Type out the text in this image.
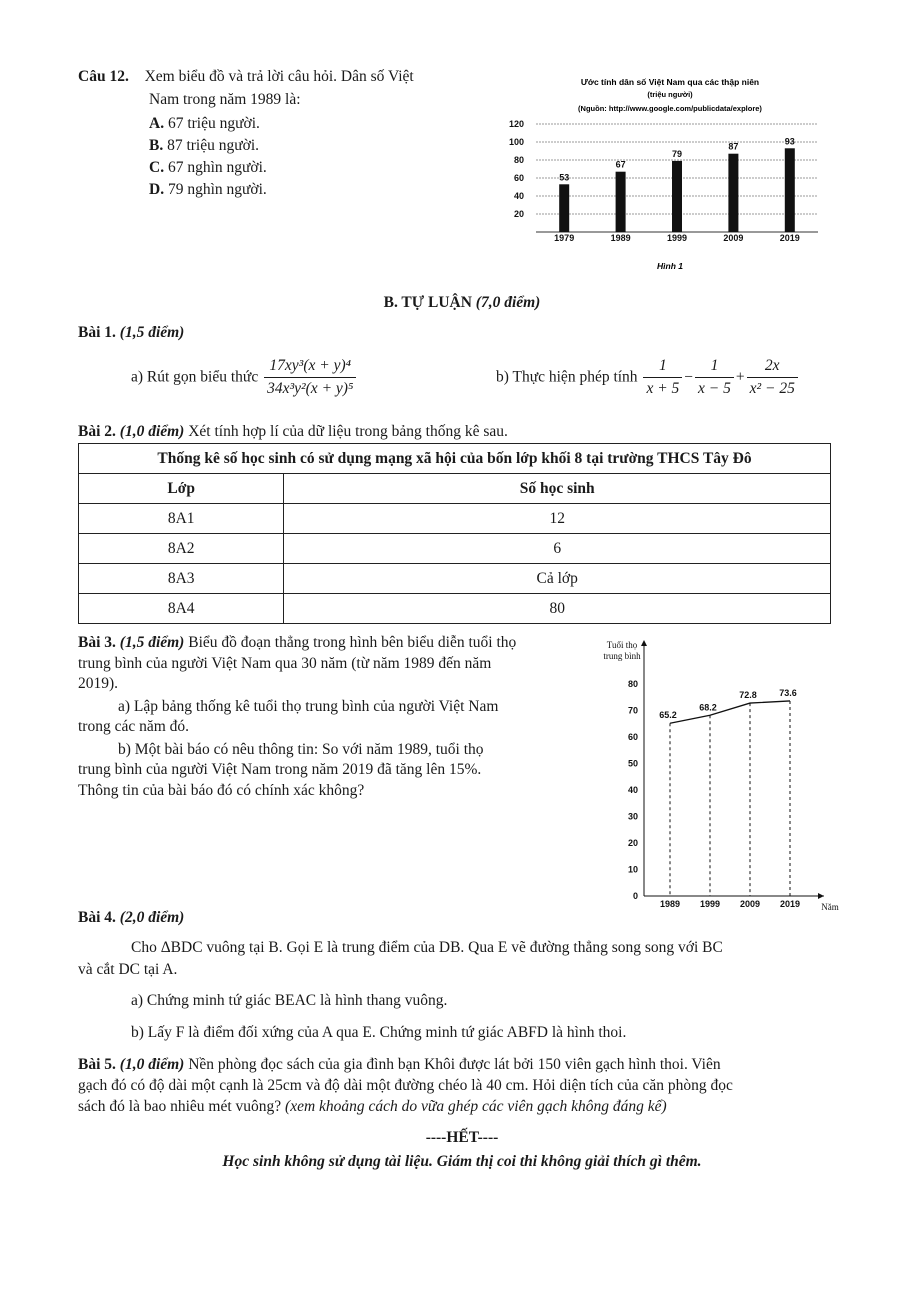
Câu 12. Xem biểu đồ và trả lời câu hỏi. Dân số Việt
Nam trong năm 1989 là:
A. 67 triệu người.
B. 87 triệu người.
C. 67 nghìn người.
D. 79 nghìn người.
Ước tính dân số Việt Nam qua các thập niên
(triệu người)
(Nguồn: http://www.google.com/publicdata/explore)
120
100
80
60
40
20
53
1979
67
1989
79
1999
87
2009
93
2019
Hình 1
B. TỰ LUẬN (7,0 điểm)
Bài 1. (1,5 điểm)
a) Rút gọn biểu thức $\frac{\text{17xy³(x + y)⁴}}{\text{34x³y²(x + y)⁵}}$	b) Thực hiện phép tính $\frac{1}{x + 5} - \frac{1}{x - 5} + \frac{2x}{\text{x² − 25}}$
Bài 2. (1,0 điểm) Xét tính hợp lí của dữ liệu trong bảng thống kê sau.
Thống kê số học sinh có sử dụng mạng xã hội của bốn lớp khối 8 tại trường THCS Tây Đô	
Lớp	Số học sinh
8A1	12
8A2	6
8A3	Cả lớp
8A4	80
Bài 3. (1,5 điểm) Biểu đồ đoạn thẳng trong hình bên biểu diễn tuổi thọ
trung bình của người Việt Nam qua 30 năm (từ năm 1989 đến năm
2019).
a) Lập bảng thống kê tuổi thọ trung bình của người Việt Nam
trong các năm đó.
b) Một bài báo có nêu thông tin: So với năm 1989, tuổi thọ
trung bình của người Việt Nam trong năm 2019 đã tăng lên 15%.
Thông tin của bài báo đó có chính xác không?
Tuổi thọ
trung bình
Năm
0
10
20
30
40
50
60
70
80
1989
65.2
1999
68.2
2009
72.8
2019
73.6
Bài 4. (2,0 điểm)
Cho ΔBDC vuông tại B. Gọi E là trung điểm của DB. Qua E vẽ đường thẳng song song với BC
và cắt DC tại A.
a) Chứng minh tứ giác BEAC là hình thang vuông.
b) Lấy F là điểm đối xứng của A qua E. Chứng minh tứ giác ABFD là hình thoi.
Bài 5. (1,0 điểm) Nền phòng đọc sách của gia đình bạn Khôi được lát bởi 150 viên gạch hình thoi. Viên
gạch đó có độ dài một cạnh là 25cm và độ dài một đường chéo là 40 cm. Hỏi diện tích của căn phòng đọc
sách đó là bao nhiêu mét vuông? (xem khoảng cách do vữa ghép các viên gạch không đáng kể)
----HẾT----
Học sinh không sử dụng tài liệu. Giám thị coi thi không giải thích gì thêm.
